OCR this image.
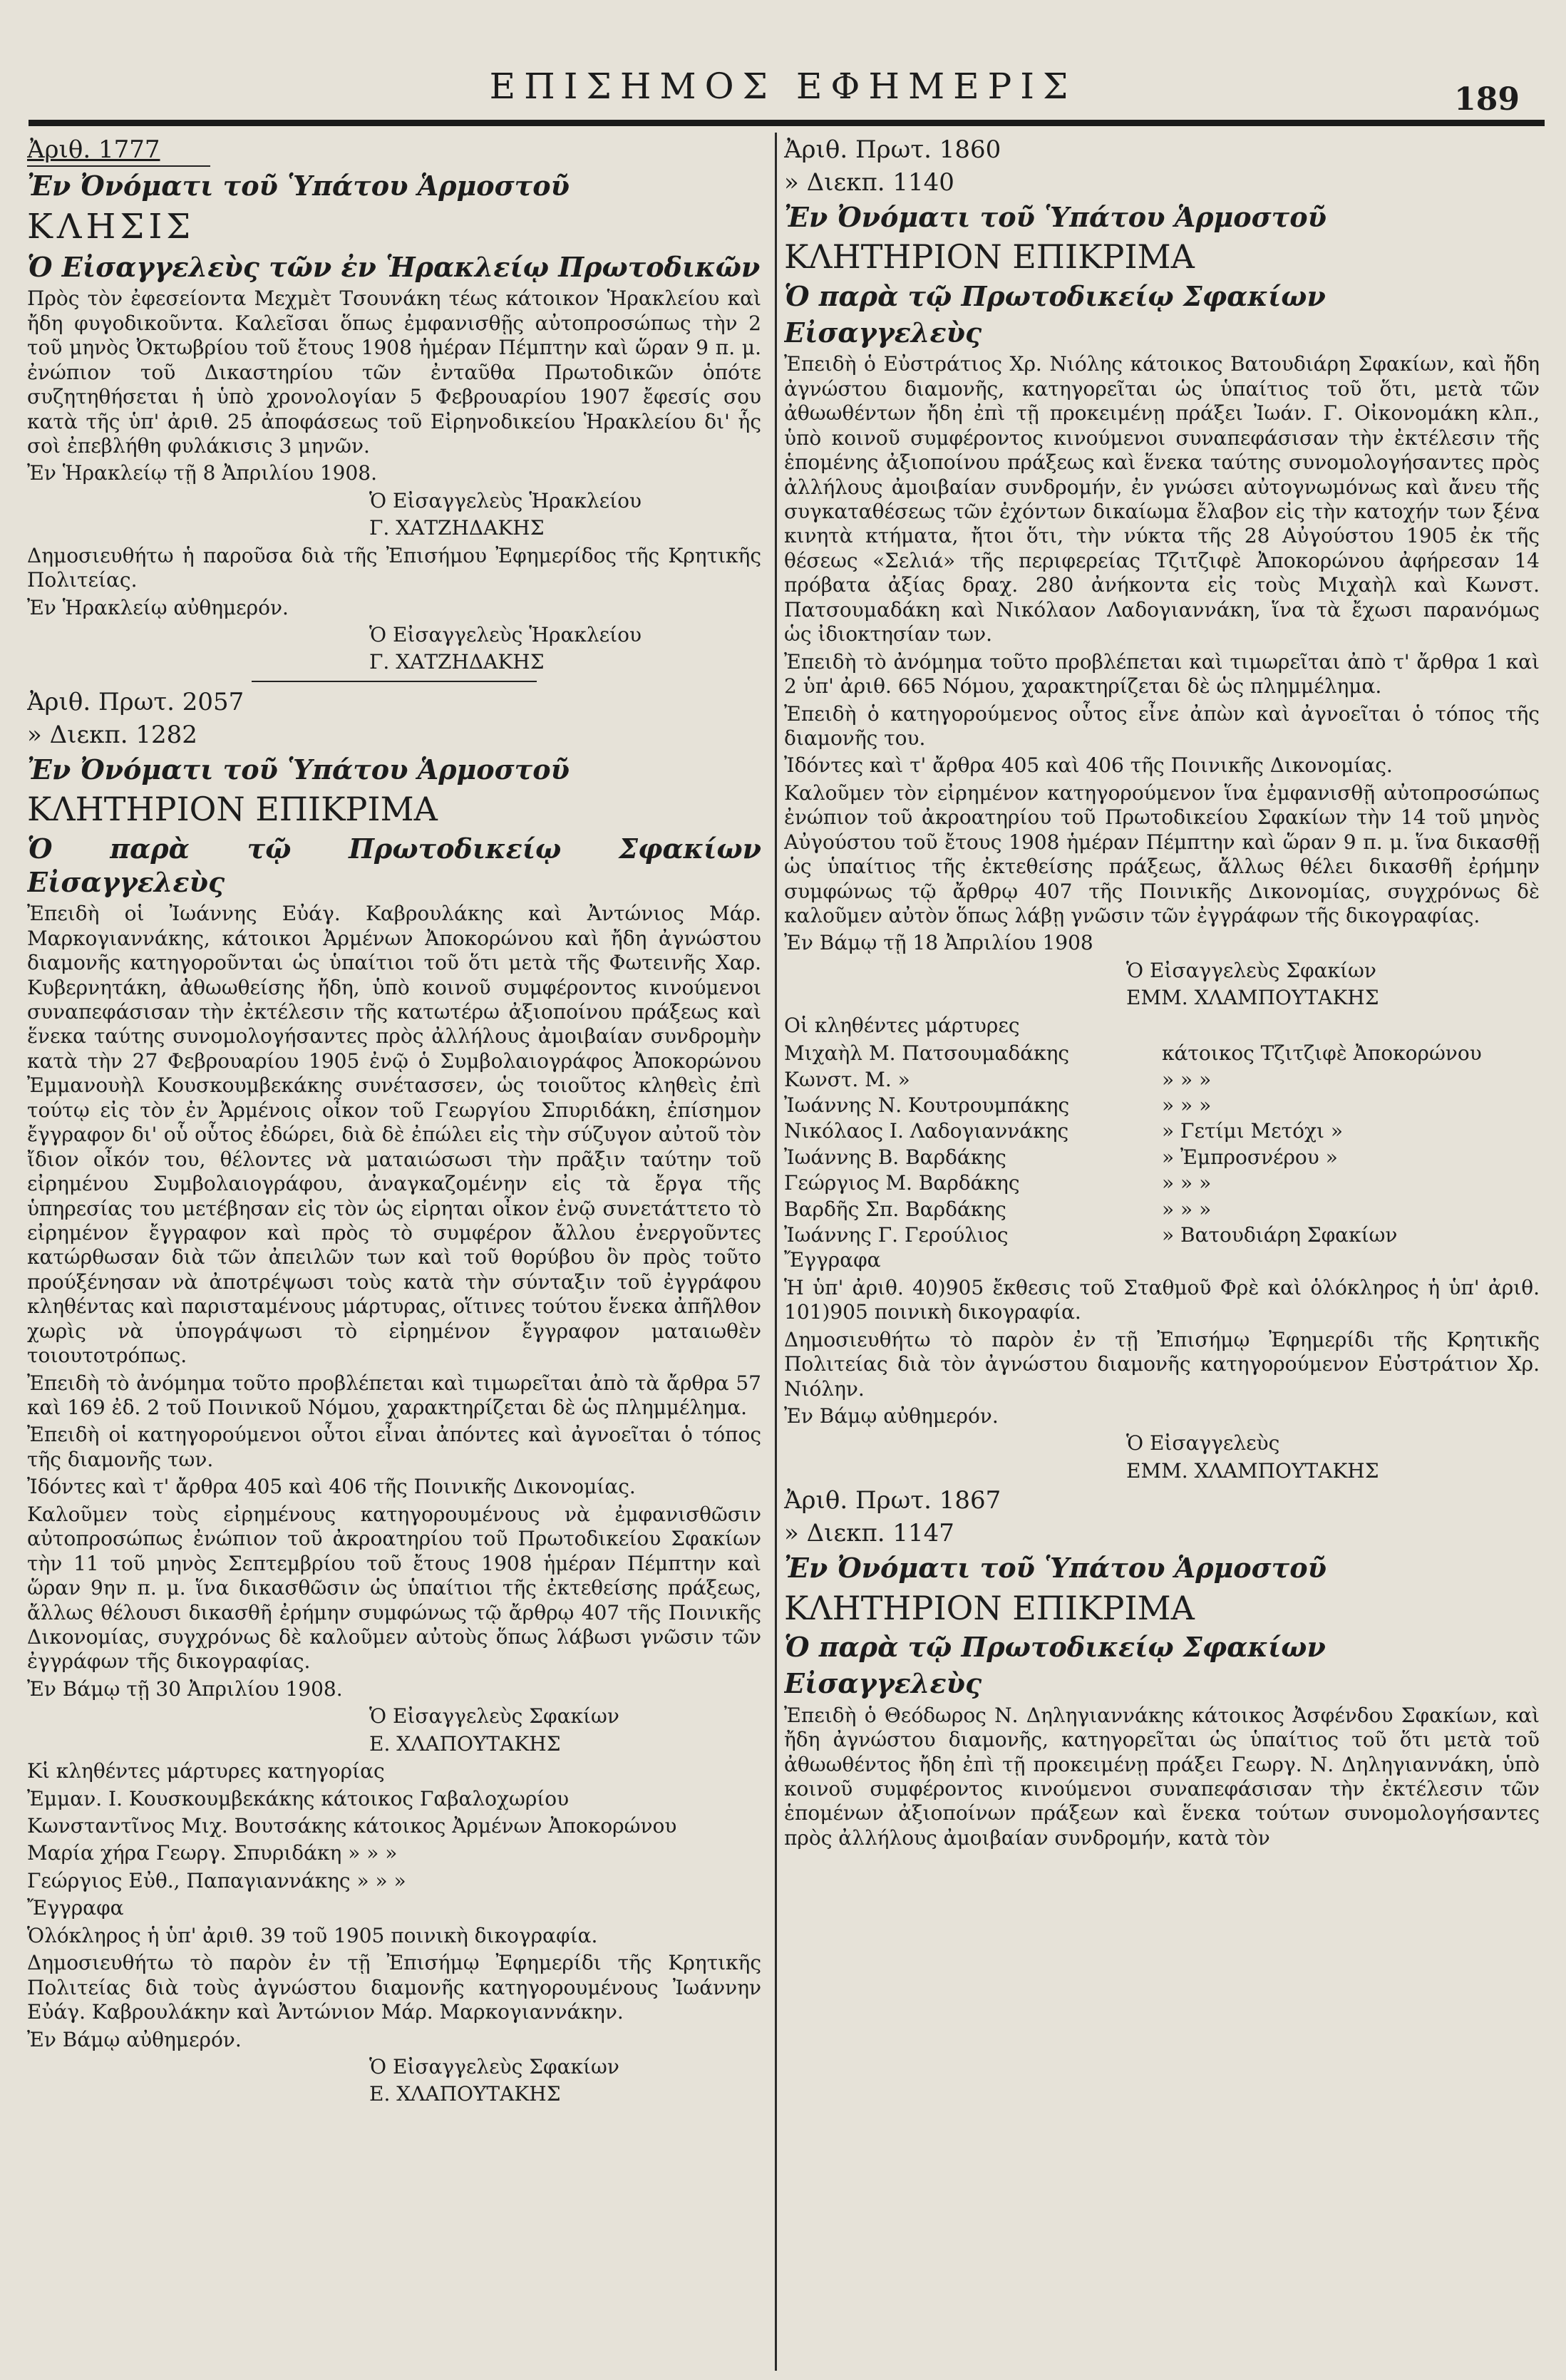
ΕΠΙΣΗΜΟΣ ΕΦΗΜΕΡΙΣ	189

Ἀριθ. 1777

Ἐν Ὀνόματι τοῦ Ὑπάτου Ἁρμοστοῦ

ΚΛΗΣΙΣ

Ὁ Εἰσαγγελεὺς τῶν ἐν Ἡρακλείῳ Πρωτοδικῶν

Πρὸς τὸν ἐφεσείοντα Μεχμὲτ Τσουνάκη τέως κάτοικον Ἡρακλείου καὶ ἤδη φυγοδικοῦντα. Καλεῖσαι ὅπως ἐμφανισθῇς αὐτοπροσώπως τὴν 2 τοῦ μηνὸς Ὀκτωβρίου τοῦ ἔτους 1908 ἡμέραν Πέμπτην καὶ ὥραν 9 π. μ. ἐνώπιον τοῦ Δικαστηρίου τῶν ἐνταῦθα Πρωτοδικῶν ὁπότε συζητηθήσεται ἡ ὑπὸ χρονολογίαν 5 Φεβρουαρίου 1907 ἔφεσίς σου κατὰ τῆς ὑπ' ἀριθ. 25 ἀποφάσεως τοῦ Εἰρηνοδικείου Ἡρακλείου δι' ἧς σοὶ ἐπεβλήθη φυλάκισις 3 μηνῶν.

Ἐν Ἡρακλείῳ τῇ 8 Ἀπριλίου 1908.

Ὁ Εἰσαγγελεὺς Ἡρακλείου

Γ. ΧΑΤΖΗΔΑΚΗΣ

Δημοσιευθήτω ἡ παροῦσα διὰ τῆς Ἐπισήμου Ἐφημερίδος τῆς Κρητικῆς Πολιτείας.

Ἐν Ἡρακλείῳ αὐθημερόν.

Ὁ Εἰσαγγελεὺς Ἡρακλείου

Γ. ΧΑΤΖΗΔΑΚΗΣ

Ἀριθ. Πρωτ. 2057

» Διεκπ. 1282

Ἐν Ὀνόματι τοῦ Ὑπάτου Ἁρμοστοῦ

ΚΛΗΤΗΡΙΟΝ ΕΠΙΚΡΙΜΑ

Ὁ παρὰ τῷ Πρωτοδικείῳ Σφακίων Εἰσαγγελεὺς

Ἐπειδὴ οἱ Ἰωάννης Εὐάγ. Καβρουλάκης καὶ Ἀντώνιος Μάρ. Μαρκογιαννάκης, κάτοικοι Ἀρμένων Ἀποκορώνου καὶ ἤδη ἀγνώστου διαμονῆς κατηγοροῦνται ὡς ὑπαίτιοι τοῦ ὅτι μετὰ τῆς Φωτεινῆς Χαρ. Κυβερνητάκη, ἀθωωθείσης ἤδη, ὑπὸ κοινοῦ συμφέροντος κινούμενοι συναπεφάσισαν τὴν ἐκτέλεσιν τῆς κατωτέρω ἀξιοποίνου πράξεως καὶ ἕνεκα ταύτης συνομολογήσαντες πρὸς ἀλλήλους ἀμοιβαίαν συνδρομὴν κατὰ τὴν 27 Φεβρουαρίου 1905 ἐνῷ ὁ Συμβολαιογράφος Ἀποκορώνου Ἐμμανουὴλ Κουσκουμβεκάκης συνέτασσεν, ὡς τοιοῦτος κληθεὶς ἐπὶ τούτῳ εἰς τὸν ἐν Ἀρμένοις οἶκον τοῦ Γεωργίου Σπυριδάκη, ἐπίσημον ἔγγραφον δι' οὗ οὗτος ἐδώρει, διὰ δὲ ἐπώλει εἰς τὴν σύζυγον αὐτοῦ τὸν ἴδιον οἶκόν του, θέλοντες νὰ ματαιώσωσι τὴν πρᾶξιν ταύτην τοῦ εἰρημένου Συμβολαιογράφου, ἀναγκαζομένην εἰς τὰ ἔργα τῆς ὑπηρεσίας του μετέβησαν εἰς τὸν ὡς εἰρηται οἶκον ἐνῷ συνετάττετο τὸ εἰρημένον ἔγγραφον καὶ πρὸς τὸ συμφέρον ἄλλου ἐνεργοῦντες κατώρθωσαν διὰ τῶν ἀπειλῶν των καὶ τοῦ θορύβου ὃν πρὸς τοῦτο προύξένησαν νὰ ἀποτρέψωσι τοὺς κατὰ τὴν σύνταξιν τοῦ ἐγγράφου κληθέντας καὶ παρισταμένους μάρτυρας, οἵτινες τούτου ἕνεκα ἀπῆλθον χωρὶς νὰ ὑπογράψωσι τὸ εἰρημένον ἔγγραφον ματαιωθὲν τοιουτοτρόπως.

Ἐπειδὴ τὸ ἀνόμημα τοῦτο προβλέπεται καὶ τιμωρεῖται ἀπὸ τὰ ἄρθρα 57 καὶ 169 ἐδ. 2 τοῦ Ποινικοῦ Νόμου, χαρακτηρίζεται δὲ ὡς πλημμέλημα.

Ἐπειδὴ οἱ κατηγορούμενοι οὗτοι εἶναι ἀπόντες καὶ ἀγνοεῖται ὁ τόπος τῆς διαμονῆς των.

Ἰδόντες καὶ τ' ἄρθρα 405 καὶ 406 τῆς Ποινικῆς Δικονομίας.

Καλοῦμεν τοὺς εἰρημένους κατηγορουμένους νὰ ἐμφανισθῶσιν αὐτοπροσώπως ἐνώπιον τοῦ ἀκροατηρίου τοῦ Πρωτοδικείου Σφακίων τὴν 11 τοῦ μηνὸς Σεπτεμβρίου τοῦ ἔτους 1908 ἡμέραν Πέμπτην καὶ ὥραν 9ην π. μ. ἵνα δικασθῶσιν ὡς ὑπαίτιοι τῆς ἐκτεθείσης πράξεως, ἄλλως θέλουσι δικασθῆ ἐρήμην συμφώνως τῷ ἄρθρῳ 407 τῆς Ποινικῆς Δικονομίας, συγχρόνως δὲ καλοῦμεν αὐτοὺς ὅπως λάβωσι γνῶσιν τῶν ἐγγράφων τῆς δικογραφίας.

Ἐν Βάμῳ τῇ 30 Ἀπριλίου 1908.

Ὁ Εἰσαγγελεὺς Σφακίων

Ε. ΧΛΑΠΟΥΤΑΚΗΣ

Κἱ κληθέντες μάρτυρες κατηγορίας

Ἐμμαν. Ι. Κουσκουμβεκάκης κάτοικος Γαβαλοχωρίου

Κωνσταντῖνος Μιχ. Βουτσάκης κάτοικος Ἀρμένων Ἀποκορώνου

Μαρία χήρα Γεωργ. Σπυριδάκη » » »

Γεώργιος Εὐθ., Παπαγιαννάκης » » »

Ἔγγραφα

Ὁλόκληρος ἡ ὑπ' ἀριθ. 39 τοῦ 1905 ποινικὴ δικογραφία.

Δημοσιευθήτω τὸ παρὸν ἐν τῇ Ἐπισήμῳ Ἐφημερίδι τῆς Κρητικῆς Πολιτείας διὰ τοὺς ἀγνώστου διαμονῆς κατηγορουμένους Ἰωάννην Εὐάγ. Καβρουλάκην καὶ Ἀντώνιον Μάρ. Μαρκογιαννάκην.

Ἐν Βάμῳ αὐθημερόν.

Ὁ Εἰσαγγελεὺς Σφακίων

Ε. ΧΛΑΠΟΥΤΑΚΗΣ

Ἀριθ. Πρωτ. 1860

» Διεκπ. 1140

Ἐν Ὀνόματι τοῦ Ὑπάτου Ἁρμοστοῦ

ΚΛΗΤΗΡΙΟΝ ΕΠΙΚΡΙΜΑ

Ὁ παρὰ τῷ Πρωτοδικείῳ Σφακίων

Εἰσαγγελεὺς

Ἐπειδὴ ὁ Εὐστράτιος Χρ. Νιόλης κάτοικος Βατουδιάρη Σφακίων, καὶ ἤδη ἀγνώστου διαμονῆς, κατηγορεῖται ὡς ὑπαίτιος τοῦ ὅτι, μετὰ τῶν ἀθωωθέντων ἤδη ἐπὶ τῇ προκειμένῃ πράξει Ἰωάν. Γ. Οἰκονομάκη κλπ., ὑπὸ κοινοῦ συμφέροντος κινούμενοι συναπεφάσισαν τὴν ἐκτέλεσιν τῆς ἑπομένης ἀξιοποίνου πράξεως καὶ ἕνεκα ταύτης συνομολογήσαντες πρὸς ἀλλήλους ἀμοιβαίαν συνδρομήν, ἐν γνώσει αὐτογνωμόνως καὶ ἄνευ τῆς συγκαταθέσεως τῶν ἐχόντων δικαίωμα ἔλαβον εἰς τὴν κατοχήν των ξένα κινητὰ κτήματα, ἤτοι ὅτι, τὴν νύκτα τῆς 28 Αὐγούστου 1905 ἐκ τῆς θέσεως «Σελιά» τῆς περιφερείας Τζιτζιφὲ Ἀποκορώνου ἀφήρεσαν 14 πρόβατα ἀξίας δραχ. 280 ἀνήκοντα εἰς τοὺς Μιχαὴλ καὶ Κωνστ. Πατσουμαδάκη καὶ Νικόλαον Λαδογιαννάκη, ἵνα τὰ ἔχωσι παρανόμως ὡς ἰδιοκτησίαν των.

Ἐπειδὴ τὸ ἀνόμημα τοῦτο προβλέπεται καὶ τιμωρεῖται ἀπὸ τ' ἄρθρα 1 καὶ 2 ὑπ' ἀριθ. 665 Νόμου, χαρακτηρίζεται δὲ ὡς πλημμέλημα.

Ἐπειδὴ ὁ κατηγορούμενος οὗτος εἶνε ἀπὼν καὶ ἀγνοεῖται ὁ τόπος τῆς διαμονῆς του.

Ἰδόντες καὶ τ' ἄρθρα 405 καὶ 406 τῆς Ποινικῆς Δικονομίας.

Καλοῦμεν τὸν εἰρημένον κατηγορούμενον ἵνα ἐμφανισθῇ αὐτοπροσώπως ἐνώπιον τοῦ ἀκροατηρίου τοῦ Πρωτοδικείου Σφακίων τὴν 14 τοῦ μηνὸς Αὐγούστου τοῦ ἔτους 1908 ἡμέραν Πέμπτην καὶ ὥραν 9 π. μ. ἵνα δικασθῇ ὡς ὑπαίτιος τῆς ἐκτεθείσης πράξεως, ἄλλως θέλει δικασθῆ ἐρήμην συμφώνως τῷ ἄρθρῳ 407 τῆς Ποινικῆς Δικονομίας, συγχρόνως δὲ καλοῦμεν αὐτὸν ὅπως λάβῃ γνῶσιν τῶν ἐγγράφων τῆς δικογραφίας.

Ἐν Βάμῳ τῇ 18 Ἀπριλίου 1908

Ὁ Εἰσαγγελεὺς Σφακίων

ΕΜΜ. ΧΛΑΜΠΟΥΤΑΚΗΣ

Οἱ κληθέντες μάρτυρες

Μιχαὴλ Μ. Πατσουμαδάκης	κάτοικος Τζιτζιφὲ Ἀποκορώνου
Κωνστ. Μ. »	» » »
Ἰωάννης Ν. Κουτρουμπάκης	» » »
Νικόλαος Ι. Λαδογιαννάκης	» Γετίμι Μετόχι »
Ἰωάννης Β. Βαρδάκης	» Ἐμπροσνέρου »
Γεώργιος Μ. Βαρδάκης	» » »
Βαρδῆς Σπ. Βαρδάκης	» » »
Ἰωάννης Γ. Γερούλιος	» Βατουδιάρη Σφακίων

Ἔγγραφα

Ἡ ὑπ' ἀριθ. 40)905 ἔκθεσις τοῦ Σταθμοῦ Φρὲ καὶ ὁλόκληρος ἡ ὑπ' ἀριθ. 101)905 ποινικὴ δικογραφία.

Δημοσιευθήτω τὸ παρὸν ἐν τῇ Ἐπισήμῳ Ἐφημερίδι τῆς Κρητικῆς Πολιτείας διὰ τὸν ἀγνώστου διαμονῆς κατηγορούμενον Εὐστράτιον Χρ. Νιόλην.

Ἐν Βάμῳ αὐθημερόν.

Ὁ Εἰσαγγελεὺς

ΕΜΜ. ΧΛΑΜΠΟΥΤΑΚΗΣ

Ἀριθ. Πρωτ. 1867

» Διεκπ. 1147

Ἐν Ὀνόματι τοῦ Ὑπάτου Ἁρμοστοῦ

ΚΛΗΤΗΡΙΟΝ ΕΠΙΚΡΙΜΑ

Ὁ παρὰ τῷ Πρωτοδικείῳ Σφακίων

Εἰσαγγελεὺς

Ἐπειδὴ ὁ Θεόδωρος Ν. Δηληγιαννάκης κάτοικος Ἀσφένδου Σφακίων, καὶ ἤδη ἀγνώστου διαμονῆς, κατηγορεῖται ὡς ὑπαίτιος τοῦ ὅτι μετὰ τοῦ ἀθωωθέντος ἤδη ἐπὶ τῇ προκειμένῃ πράξει Γεωργ. Ν. Δηληγιαννάκη, ὑπὸ κοινοῦ συμφέροντος κινούμενοι συναπεφάσισαν τὴν ἐκτέλεσιν τῶν ἑπομένων ἀξιοποίνων πράξεων καὶ ἕνεκα τούτων συνομολογήσαντες πρὸς ἀλλήλους ἀμοιβαίαν συνδρομήν, κατὰ τὸν
